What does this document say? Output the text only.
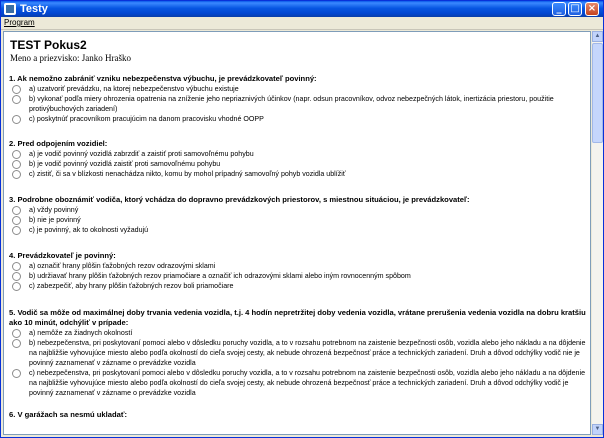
Testy	_ □ ×
Program
TEST Pokus2
Meno a priezvisko: Janko Hraško
1. Ak nemožno zabrániť vzniku nebezpečenstva výbuchu, je prevádzkovateľ povinný:
a) uzatvoriť prevádzku, na ktorej nebezpečenstvo výbuchu existuje
b) vykonať podľa miery ohrozenia opatrenia na zníženie jeho nepriaznivých účinkov (napr. odsun pracovníkov, odvoz nebezpečných látok, inertizácia priestoru, použitie protivýbuchových zariadení)
c) poskytnúť pracovníkom pracujúcim na danom pracovisku vhodné OOPP
2. Pred odpojením vozidiel:
a) je vodič povinný vozidlá zabrzdiť a zaistiť proti samovoľnému pohybu
b) je vodič povinný vozidlá zaistiť proti samovoľnému pohybu
c) zistiť, či sa v blízkosti nenachádza nikto, komu by mohol prípadný samovoľný pohyb vozidla ublížiť
3. Podrobne oboznámiť vodiča, ktorý vchádza do dopravno prevádzkových priestorov, s miestnou situáciou, je prevádzkovateľ:
a) vždy povinný
b) nie je povinný
c) je povinný, ak to okolnosti vyžadujú
4. Prevádzkovateľ je povinný:
a) označiť hrany plôšin ťažobných rezov odrazovými sklami
b) udržiavať hrany plôšin ťažobných rezov priamočiare a označiť ich odrazovými sklami alebo iným rovnocenným spôbom
c) zabezpečiť, aby hrany plôšin ťažobných rezov boli priamočiare
5. Vodič sa môže od maximálnej doby trvania vedenia vozidla, t.j. 4 hodín nepretržitej doby vedenia vozidla, vrátane prerušenia vedenia vozidla na dobru kratšiu ako 10 minút, odchýliť v prípade:
a) nemôže za žiadnych okolností
b) nebezpečenstva, pri poskytovaní pomoci alebo v dôsledku poruchy vozidla, a to v rozsahu potrebnom na zaistenie bezpečnosti osôb, vozidla alebo jeho nákladu a na dôjdenie na najbližšie vyhovujúce miesto alebo podľa okolností do cieľa svojej cesty, ak nebude ohrozená bezpečnosť práce a technických zariadení. Druh a dôvod odchýlky vodič nie je povinný zaznamenať v zázname o prevádzke vozidla
c) nebezpečenstva, pri poskytovaní pomoci alebo v dôsledku poruchy vozidla, a to v rozsahu potrebnom na zaistenie bezpečnosti osôb, vozidla alebo jeho nákladu a na dôjdenie na najbližšie vyhovujúce miesto alebo podľa okolností do cieľa svojej cesty, ak nebude ohrozená bezpečnosť práce a technických zariadení. Druh a dôvod odchýlky vodič je povinný zaznamenať v zázname o prevádzke vozidla
6. V garážach sa nesmú ukladať:
▲
▼
